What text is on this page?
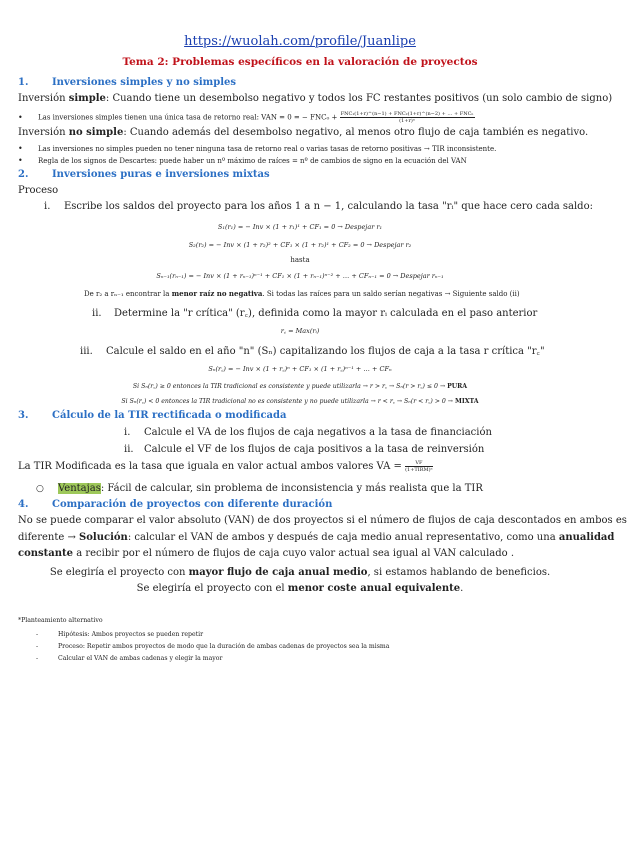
https://wuolah.com/profile/Juanlipe
Tema 2: Problemas específicos en la valoración de proyectos
1. Inversiones simples y no simples
Inversión simple: Cuando tiene un desembolso negativo y todos los FC restantes positivos (un solo cambio de signo)
• Las inversiones simples tienen una única tasa de retorno real: VAN = 0 = − $FNC_0 + \frac{\text{FNC₁(1+r)\textasciicircum{}(n−1) + FNC₂(1+r)\textasciicircum{}(n−2) + … + FNCₙ}}{\text{(1+r)ⁿ}}$
Inversión no simple: Cuando además del desembolso negativo, al menos otro flujo de caja también es negativo.
• Las inversiones no simples pueden no tener ninguna tasa de retorno real o varias tasas de retorno positivas → TIR inconsistente.
• Regla de los signos de Descartes: puede haber un nº máximo de raíces = nº de cambios de signo en la ecuación del VAN
2. Inversiones puras e inversiones mixtas
Proceso
i. Escribe los saldos del proyecto para los años 1 a n − 1, calculando la tasa "rᵢ" que hace cero cada saldo:
S₁(r₁) = − Inv × (1 + r₁)¹ + CF₁ = 0 → Despejar r₁
S₂(r₂) = − Inv × (1 + r₂)² + CF₁ × (1 + r₂)¹ + CF₂ = 0 → Despejar r₂
hasta
Sₙ₋₁(rₙ₋₁) = − Inv × (1 + rₙ₋₁)ⁿ⁻¹ + CF₁ × (1 + rₙ₋₁)ⁿ⁻² + … + CFₙ₋₁ = 0 → Despejar rₙ₋₁
De r₂ a rₙ₋₁ encontrar la menor raíz no negativa. Si todas las raíces para un saldo serían negativas → Siguiente saldo (ii)
ii. Determine la "r crítica" (r꜀), definida como la mayor rᵢ calculada en el paso anterior
r꜀ = Max(rᵢ)
iii. Calcule el saldo en el año "n" (Sₙ) capitalizando los flujos de caja a la tasa r crítica "r꜀"
Sₙ(r꜀) = − Inv × (1 + r꜀)ⁿ + CF₁ × (1 + r꜀)ⁿ⁻¹ + … + CFₙ
Si Sₙ(r꜀) ≥ 0 entonces la TIR tradicional es consistente y puede utilizarla → r > r꜀ → Sₙ(r > r꜀) ≤ 0 → PURA
Si Sₙ(r꜀) < 0 entonces la TIR tradicional no es consistente y no puede utilizarla → r < r꜀ → Sₙ(r < r꜀) > 0 → MIXTA
3. Cálculo de la TIR rectificada o modificada
i. Calcule el VA de los flujos de caja negativos a la tasa de financiación
ii. Calcule el VF de los flujos de caja positivos a la tasa de reinversión
La TIR Modificada es la tasa que iguala en valor actual ambos valores VA = $\frac{VF}{\text{(1+TIRM)ⁿ}}$
○ Ventajas: Fácil de calcular, sin problema de inconsistencia y más realista que la TIR
4. Comparación de proyectos con diferente duración
No se puede comparar el valor absoluto (VAN) de dos proyectos si el número de flujos de caja descontados en ambos es
diferente → Solución: calcular el VAN de ambos y después de caja medio anual representativo, como una anualidad
constante a recibir por el número de flujos de caja cuyo valor actual sea igual al VAN calculado .
Se elegiría el proyecto con mayor flujo de caja anual medio, si estamos hablando de beneficios.
Se elegiría el proyecto con el menor coste anual equivalente.
*Planteamiento alternativo
-	Hipótesis: Ambos proyectos se pueden repetir
-	Proceso: Repetir ambos proyectos de modo que la duración de ambas cadenas de proyectos sea la misma
-	Calcular el VAN de ambas cadenas y elegir la mayor
